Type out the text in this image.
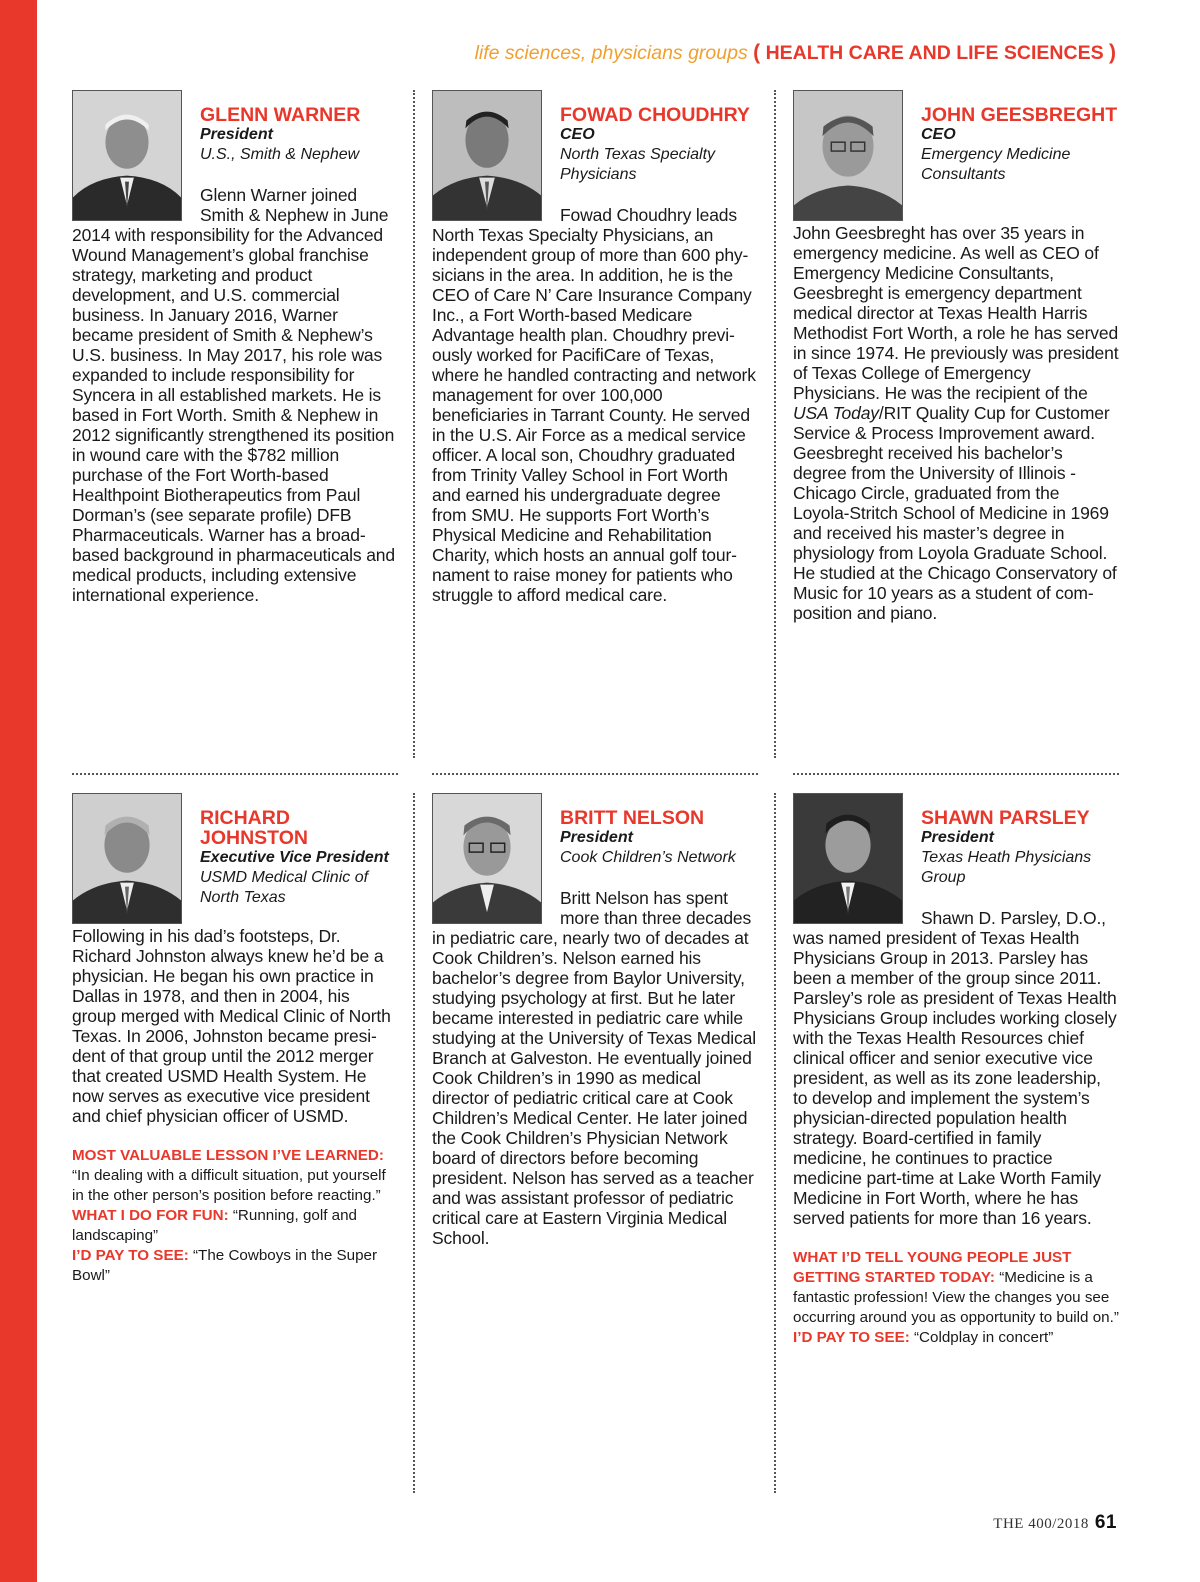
life sciences, physicians groups ( HEALTH CARE AND LIFE SCIENCES )
GLENN WARNER
President
U.S., Smith & Nephew
Glenn Warner joined Smith & Nephew in June 2014 with responsibility for the Advanced Wound Management’s global franchise strategy, marketing and product development, and U.S. commercial business. In January 2016, Warner became president of Smith & Nephew’s U.S. business. In May 2017, his role was expanded to include responsibility for Syncera in all established markets. He is based in Fort Worth. Smith & Nephew in 2012 significantly strengthened its position in wound care with the $782 million purchase of the Fort Worth-based Healthpoint Biotherapeutics from Paul Dorman’s (see separate profile) DFB Pharmaceuticals. Warner has a broad-based background in pharmaceuticals and medical products, including extensive international experience.
FOWAD CHOUDHRY
CEO
North Texas Specialty Physicians
Fowad Choudhry leads North Texas Specialty Physicians, an independent group of more than 600 physicians in the area. In addition, he is the CEO of Care N’ Care Insurance Company Inc., a Fort Worth-based Medicare Advantage health plan. Choudhry previously worked for PacifiCare of Texas, where he handled contracting and network management for over 100,000 beneficiaries in Tarrant County. He served in the U.S. Air Force as a medical service officer. A local son, Choudhry graduated from Trinity Valley School in Fort Worth and earned his undergraduate degree from SMU. He supports Fort Worth’s Physical Medicine and Rehabilitation Charity, which hosts an annual golf tournament to raise money for patients who struggle to afford medical care.
JOHN GEESBREGHT
CEO
Emergency Medicine Consultants
John Geesbreght has over 35 years in emergency medicine. As well as CEO of Emergency Medicine Consultants, Geesbreght is emergency department medical director at Texas Health Harris Methodist Fort Worth, a role he has served in since 1974. He previously was president of Texas College of Emergency Physicians. He was the recipient of the USA Today/RIT Quality Cup for Customer Service & Process Improvement award. Geesbreght received his bachelor’s degree from the University of Illinois - Chicago Circle, graduated from the Loyola-Stritch School of Medicine in 1969 and received his master’s degree in physiology from Loyola Graduate School. He studied at the Chicago Conservatory of Music for 10 years as a student of composition and piano.
RICHARD JOHNSTON
Executive Vice President
USMD Medical Clinic of North Texas
Following in his dad’s footsteps, Dr. Richard Johnston always knew he’d be a physician. He began his own practice in Dallas in 1978, and then in 2004, his group merged with Medical Clinic of North Texas. In 2006, Johnston became president of that group until the 2012 merger that created USMD Health System. He now serves as executive vice president and chief physician officer of USMD.
MOST VALUABLE LESSON I’VE LEARNED:
“In dealing with a difficult situation, put yourself in the other person’s position before reacting.”
WHAT I DO FOR FUN: “Running, golf and landscaping”
I’D PAY TO SEE: “The Cowboys in the Super Bowl”
BRITT NELSON
President
Cook Children’s Network
Britt Nelson has spent more than three decades in pediatric care, nearly two of decades at Cook Children’s. Nelson earned his bachelor’s degree from Baylor University, studying psychology at first. But he later became interested in pediatric care while studying at the University of Texas Medical Branch at Galveston. He eventually joined Cook Children’s in 1990 as medical director of pediatric critical care at Cook Children’s Medical Center. He later joined the Cook Children’s Physician Network board of directors before becoming president. Nelson has served as a teacher and was assistant professor of pediatric critical care at Eastern Virginia Medical School.
SHAWN PARSLEY
President
Texas Heath Physicians Group
Shawn D. Parsley, D.O., was named president of Texas Health Physicians Group in 2013. Parsley has been a member of the group since 2011. Parsley’s role as president of Texas Health Physicians Group includes working closely with the Texas Health Resources chief clinical officer and senior executive vice president, as well as its zone leadership, to develop and implement the system’s physician-directed population health strategy. Board-certified in family medicine, he continues to practice medicine part-time at Lake Worth Family Medicine in Fort Worth, where he has served patients for more than 16 years.
WHAT I’D TELL YOUNG PEOPLE JUST GETTING STARTED TODAY: “Medicine is a fantastic profession! View the changes you see occurring around you as opportunity to build on.”
I’D PAY TO SEE: “Coldplay in concert”
THE 400/2018 61
